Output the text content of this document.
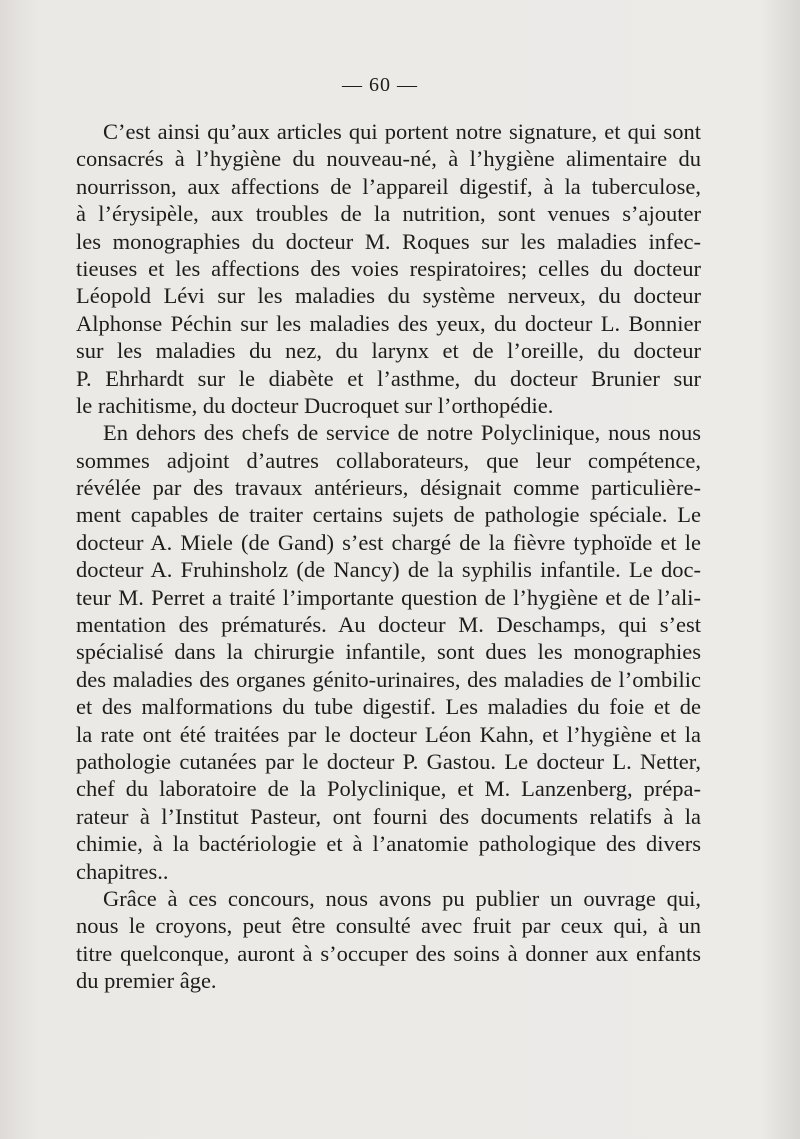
— 60 —
C’est ainsi qu’aux articles qui portent notre signature, et qui sont
consacrés à l’hygiène du nouveau-né, à l’hygiène alimentaire du
nourrisson, aux affections de l’appareil digestif, à la tuberculose,
à l’érysipèle, aux troubles de la nutrition, sont venues s’ajouter
les monographies du docteur M. Roques sur les maladies infec-
tieuses et les affections des voies respiratoires; celles du docteur
Léopold Lévi sur les maladies du système nerveux, du docteur
Alphonse Péchin sur les maladies des yeux, du docteur L. Bonnier
sur les maladies du nez, du larynx et de l’oreille, du docteur
P. Ehrhardt sur le diabète et l’asthme, du docteur Brunier sur
le rachitisme, du docteur Ducroquet sur l’orthopédie.
En dehors des chefs de service de notre Polyclinique, nous nous
sommes adjoint d’autres collaborateurs, que leur compétence,
révélée par des travaux antérieurs, désignait comme particulière-
ment capables de traiter certains sujets de pathologie spéciale. Le
docteur A. Miele (de Gand) s’est chargé de la fièvre typhoïde et le
docteur A. Fruhinsholz (de Nancy) de la syphilis infantile. Le doc-
teur M. Perret a traité l’importante question de l’hygiène et de l’ali-
mentation des prématurés. Au docteur M. Deschamps, qui s’est
spécialisé dans la chirurgie infantile, sont dues les monographies
des maladies des organes génito-urinaires, des maladies de l’ombilic
et des malformations du tube digestif. Les maladies du foie et de
la rate ont été traitées par le docteur Léon Kahn, et l’hygiène et la
pathologie cutanées par le docteur P. Gastou. Le docteur L. Netter,
chef du laboratoire de la Polyclinique, et M. Lanzenberg, prépa-
rateur à l’Institut Pasteur, ont fourni des documents relatifs à la
chimie, à la bactériologie et à l’anatomie pathologique des divers
chapitres..
Grâce à ces concours, nous avons pu publier un ouvrage qui,
nous le croyons, peut être consulté avec fruit par ceux qui, à un
titre quelconque, auront à s’occuper des soins à donner aux enfants
du premier âge.
